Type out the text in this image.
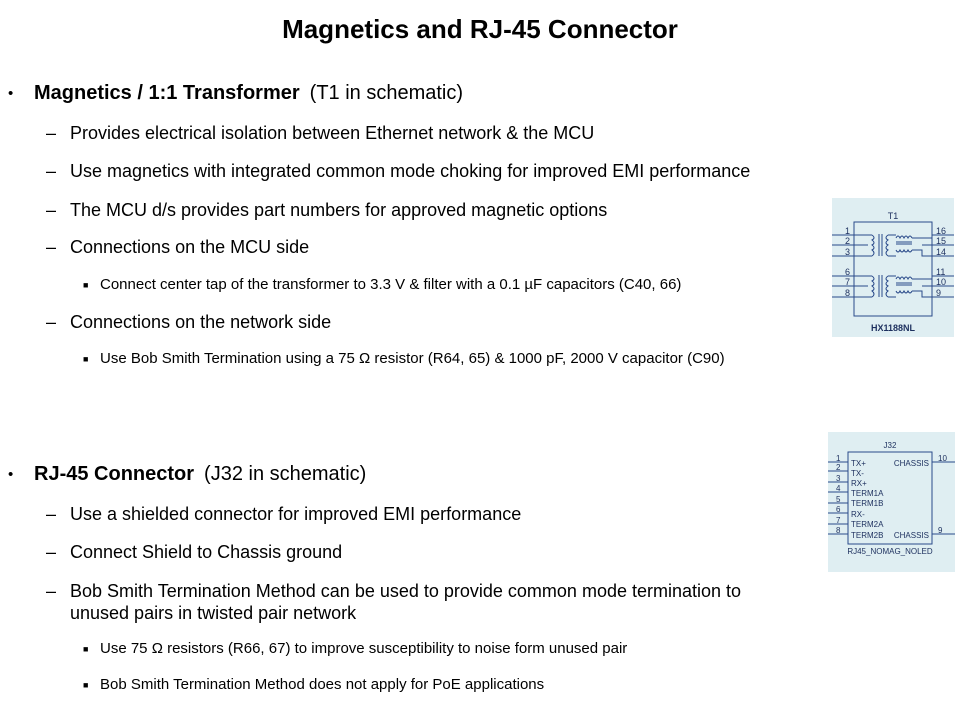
Magnetics and RJ-45 Connector
• Magnetics / 1:1 Transformer (T1 in schematic)
– Provides electrical isolation between Ethernet network & the MCU
– Use magnetics with integrated common mode choking for improved EMI performance
– The MCU d/s provides part numbers for approved magnetic options
– Connections on the MCU side
■ Connect center tap of the transformer to 3.3 V & filter with a 0.1 µF capacitors (C40, 66)
– Connections on the network side
■ Use Bob Smith Termination using a 75 Ω resistor (R64, 65) & 1000 pF, 2000 V capacitor (C90)
• RJ-45 Connector (J32 in schematic)
– Use a shielded connector for improved EMI performance
– Connect Shield to Chassis ground
– Bob Smith Termination Method can be used to provide common mode termination to
unused pairs in twisted pair network
■ Use 75 Ω resistors (R66, 67) to improve susceptibility to noise form unused pair
■ Bob Smith Termination Method does not apply for PoE applications
T1
HX1188NL
1
2
3
6
7
8
16
15
14
11
10
9
J32
RJ45_NOMAG_NOLED
1
2
3
4
5
6
7
8
TX+
TX-
RX+
TERM1A
TERM1B
RX-
TERM2A
TERM2B
CHASSIS
CHASSIS
10
9
